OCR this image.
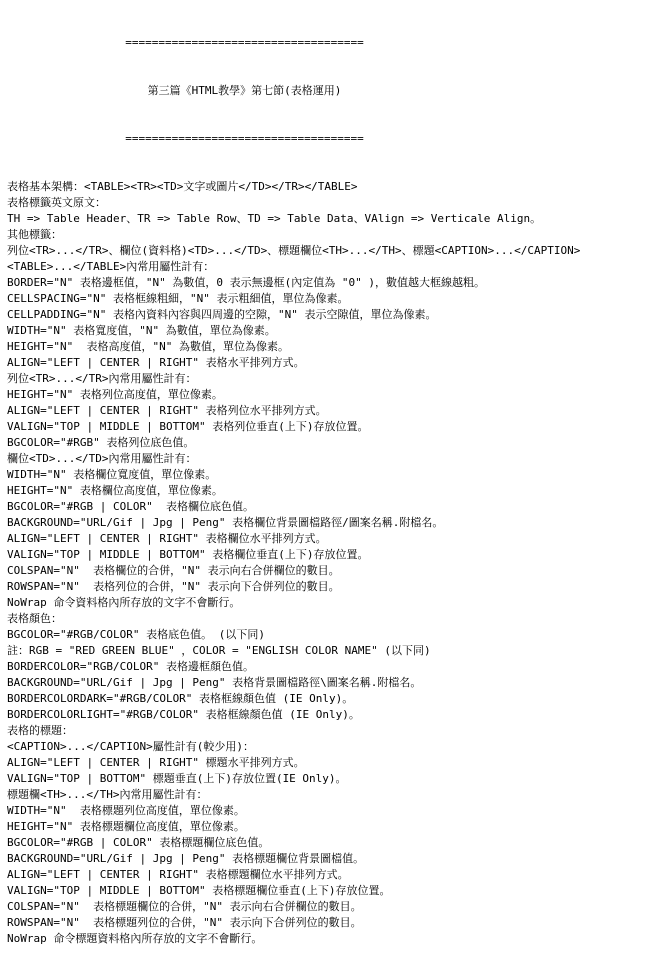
====================================

第三篇《HTML教學》第七節(表格運用)

====================================

表格基本架構：<TABLE><TR><TD>文字或圖片</TD></TR></TABLE>
表格標籤英文原文：
TH => Table Header、TR => Table Row、TD => Table Data、VAlign => Verticale Align。
其他標籤：
列位<TR>...</TR>、欄位(資料格)<TD>...</TD>、標題欄位<TH>...</TH>、標題<CAPTION>...</CAPTION>
<TABLE>...</TABLE>內常用屬性計有：
BORDER="N" 表格邊框值，"N" 為數值，0 表示無邊框(內定值為 "0" )，數值越大框線越粗。
CELLSPACING="N" 表格框線粗細，"N" 表示粗細值，單位為像素。
CELLPADDING="N" 表格內資料內容與四周邊的空隙，"N" 表示空隙值，單位為像素。
WIDTH="N" 表格寬度值，"N" 為數值，單位為像素。
HEIGHT="N"  表格高度值，"N" 為數值，單位為像素。
ALIGN="LEFT | CENTER | RIGHT" 表格水平排列方式。
列位<TR>...</TR>內常用屬性計有：
HEIGHT="N" 表格列位高度值，單位像素。
ALIGN="LEFT | CENTER | RIGHT" 表格列位水平排列方式。
VALIGN="TOP | MIDDLE | BOTTOM" 表格列位垂直(上下)存放位置。
BGCOLOR="#RGB" 表格列位底色值。
欄位<TD>...</TD>內常用屬性計有：
WIDTH="N" 表格欄位寬度值，單位像素。
HEIGHT="N" 表格欄位高度值，單位像素。
BGCOLOR="#RGB | COLOR"  表格欄位底色值。
BACKGROUND="URL/Gif | Jpg | Peng" 表格欄位背景圖檔路徑/圖案名稱.附檔名。
ALIGN="LEFT | CENTER | RIGHT" 表格欄位水平排列方式。
VALIGN="TOP | MIDDLE | BOTTOM" 表格欄位垂直(上下)存放位置。
COLSPAN="N"  表格欄位的合併，"N" 表示向右合併欄位的數目。
ROWSPAN="N"  表格列位的合併，"N" 表示向下合併列位的數目。
NoWrap 命令資料格內所存放的文字不會斷行。
表格顏色：
BGCOLOR="#RGB/COLOR" 表格底色值。 (以下同)
註：RGB = "RED GREEN BLUE" ，COLOR = "ENGLISH COLOR NAME" (以下同)
BORDERCOLOR="RGB/COLOR" 表格邊框顏色值。
BACKGROUND="URL/Gif | Jpg | Peng" 表格背景圖檔路徑\圖案名稱.附檔名。
BORDERCOLORDARK="#RGB/COLOR" 表格框線顏色值 (IE Only)。
BORDERCOLORLIGHT="#RGB/COLOR" 表格框線顏色值 (IE Only)。
表格的標題：
<CAPTION>...</CAPTION>屬性計有(較少用)：
ALIGN="LEFT | CENTER | RIGHT" 標題水平排列方式。
VALIGN="TOP | BOTTOM" 標題垂直(上下)存放位置(IE Only)。
標題欄<TH>...</TH>內常用屬性計有：
WIDTH="N"  表格標題列位高度值，單位像素。
HEIGHT="N" 表格標題欄位高度值，單位像素。
BGCOLOR="#RGB | COLOR" 表格標題欄位底色值。
BACKGROUND="URL/Gif | Jpg | Peng" 表格標題欄位背景圖檔值。
ALIGN="LEFT | CENTER | RIGHT" 表格標題欄位水平排列方式。
VALIGN="TOP | MIDDLE | BOTTOM" 表格標題欄位垂直(上下)存放位置。
COLSPAN="N"  表格標題欄位的合併，"N" 表示向右合併欄位的數目。
ROWSPAN="N"  表格標題列位的合併，"N" 表示向下合併列位的數目。
NoWrap 命令標題資料格內所存放的文字不會斷行。
